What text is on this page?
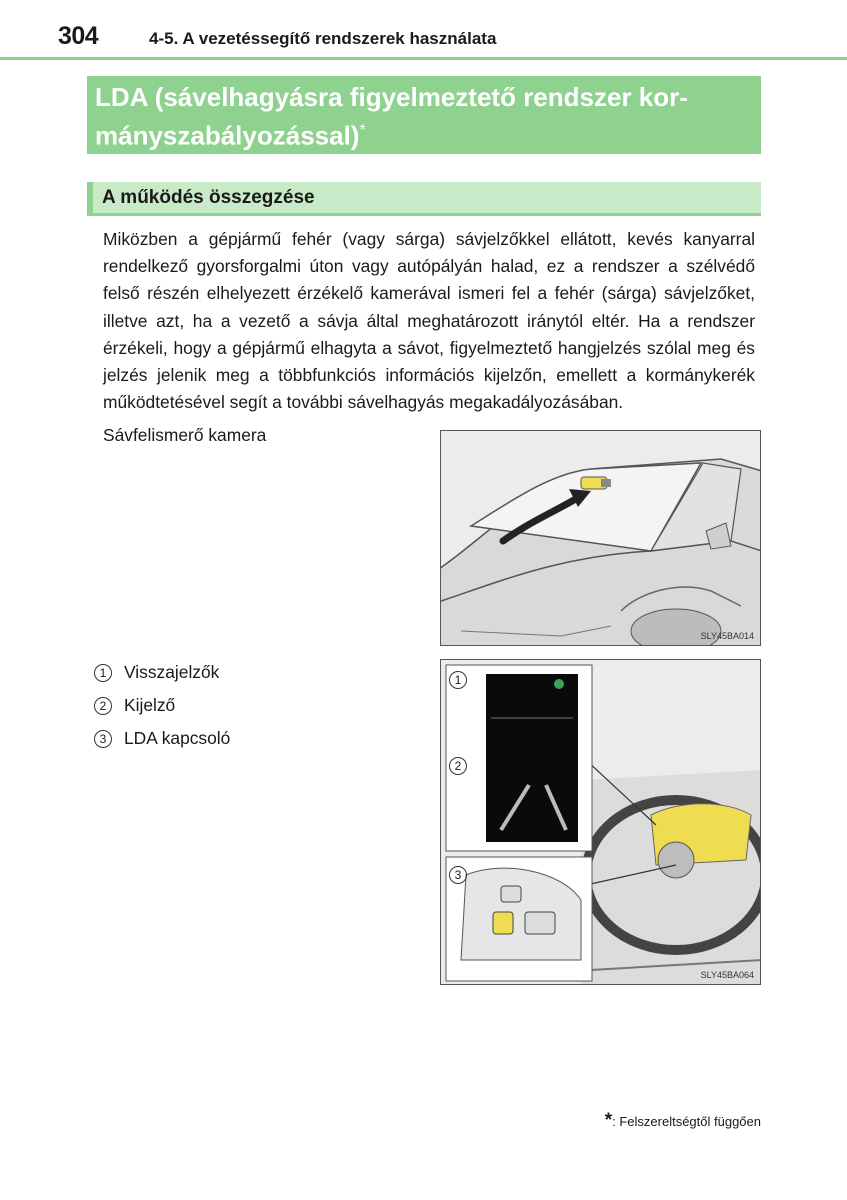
304	4-5. A vezetéssegítő rendszerek használata
LDA (sávelhagyásra figyelmeztető rendszer kor-
mányszabályozással)*
A működés összegzése
Miközben a gépjármű fehér (vagy sárga) sávjelzőkkel ellátott, kevés kanyarral rendelkező gyorsforgalmi úton vagy autópályán halad, ez a rendszer a szélvédő felső részén elhelyezett érzékelő kamerával ismeri fel a fehér (sárga) sávjelzőket, illetve azt, ha a vezető a sávja által meghatározott iránytól eltér. Ha a rendszer érzékeli, hogy a gépjármű elhagyta a sávot, figyelmeztető hangjelzés szólal meg és jelzés jelenik meg a többfunkciós információs kijelzőn, emellett a kormánykerék működtetésével segít a további sávelhagyás megakadályozásában.
Sávfelismerő kamera
1	Visszajelzők
2	Kijelző
3	LDA kapcsoló
SLY45BA014
1
2
3
SLY45BA064
*: Felszereltségtől függően
